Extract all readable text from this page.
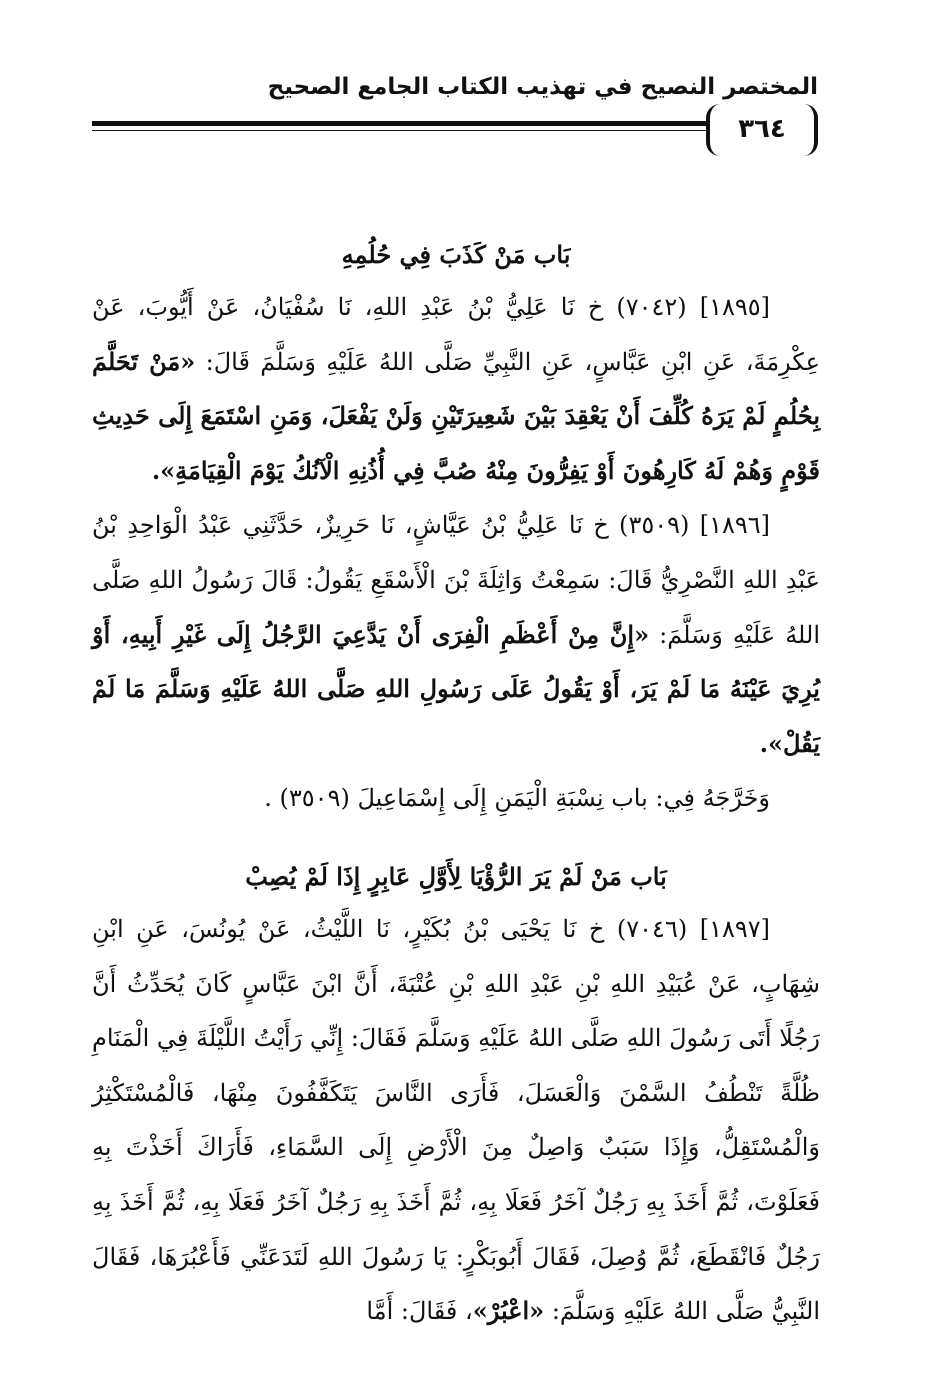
المختصر النصيح في تهذيب الكتاب الجامع الصحيح
٣٦٤

بَاب مَنْ كَذَبَ فِي حُلُمِهِ

[١٨٩٥] (٧٠٤٢) خ نَا عَلِيُّ بْنُ عَبْدِ اللهِ، نَا سُفْيَانُ، عَنْ أَيُّوبَ، عَنْ عِكْرِمَةَ، عَنِ ابْنِ عَبَّاسٍ، عَنِ النَّبِيِّ صَلَّى اللهُ عَلَيْهِ وَسَلَّمَ قَالَ: «مَنْ تَحَلَّمَ بِحُلُمٍ لَمْ يَرَهُ كُلِّفَ أَنْ يَعْقِدَ بَيْنَ شَعِيرَتَيْنِ وَلَنْ يَفْعَلَ، وَمَنِ اسْتَمَعَ إِلَى حَدِيثِ قَوْمٍ وَهُمْ لَهُ كَارِهُونَ أَوْ يَفِرُّونَ مِنْهُ صُبَّ فِي أُذُنِهِ الْآنُكُ يَوْمَ الْقِيَامَةِ».

[١٨٩٦] (٣٥٠٩) خ نَا عَلِيُّ بْنُ عَيَّاشٍ، نَا حَرِيزٌ، حَدَّثَنِي عَبْدُ الْوَاحِدِ بْنُ عَبْدِ اللهِ النَّصْرِيُّ قَالَ: سَمِعْتُ وَاثِلَةَ بْنَ الْأَسْقَعِ يَقُولُ: قَالَ رَسُولُ اللهِ صَلَّى اللهُ عَلَيْهِ وَسَلَّمَ: «إِنَّ مِنْ أَعْظَمِ الْفِرَى أَنْ يَدَّعِيَ الرَّجُلُ إِلَى غَيْرِ أَبِيهِ، أَوْ يُرِيَ عَيْنَهُ مَا لَمْ يَرَ، أَوْ يَقُولُ عَلَى رَسُولِ اللهِ صَلَّى اللهُ عَلَيْهِ وَسَلَّمَ مَا لَمْ يَقُلْ».

وَخَرَّجَهُ فِي: باب نِسْبَةِ الْيَمَنِ إِلَى إِسْمَاعِيلَ (٣٥٠٩) .

بَاب مَنْ لَمْ يَرَ الرُّؤْيَا لِأَوَّلِ عَابِرٍ إِذَا لَمْ يُصِبْ

[١٨٩٧] (٧٠٤٦) خ نَا يَحْيَى بْنُ بُكَيْرٍ، نَا اللَّيْثُ، عَنْ يُونُسَ، عَنِ ابْنِ شِهَابٍ، عَنْ عُبَيْدِ اللهِ بْنِ عَبْدِ اللهِ بْنِ عُتْبَةَ، أَنَّ ابْنَ عَبَّاسٍ كَانَ يُحَدِّثُ أَنَّ رَجُلًا أَتَى رَسُولَ اللهِ صَلَّى اللهُ عَلَيْهِ وَسَلَّمَ فَقَالَ: إِنِّي رَأَيْتُ اللَّيْلَةَ فِي الْمَنَامِ ظُلَّةً تَنْطُفُ السَّمْنَ وَالْعَسَلَ، فَأَرَى النَّاسَ يَتَكَفَّفُونَ مِنْهَا، فَالْمُسْتَكْثِرُ وَالْمُسْتَقِلُّ، وَإِذَا سَبَبٌ وَاصِلٌ مِنَ الْأَرْضِ إِلَى السَّمَاءِ، فَأَرَاكَ أَخَذْتَ بِهِ فَعَلَوْتَ، ثُمَّ أَخَذَ بِهِ رَجُلٌ آخَرُ فَعَلَا بِهِ، ثُمَّ أَخَذَ بِهِ رَجُلٌ آخَرُ فَعَلَا بِهِ، ثُمَّ أَخَذَ بِهِ رَجُلٌ فَانْقَطَعَ، ثُمَّ وُصِلَ، فَقَالَ أَبُوبَكْرٍ: يَا رَسُولَ اللهِ لَتَدَعَنِّي فَأَعْبُرَهَا، فَقَالَ النَّبِيُّ صَلَّى اللهُ عَلَيْهِ وَسَلَّمَ: «اعْبُرْ»، فَقَالَ: أَمَّا
